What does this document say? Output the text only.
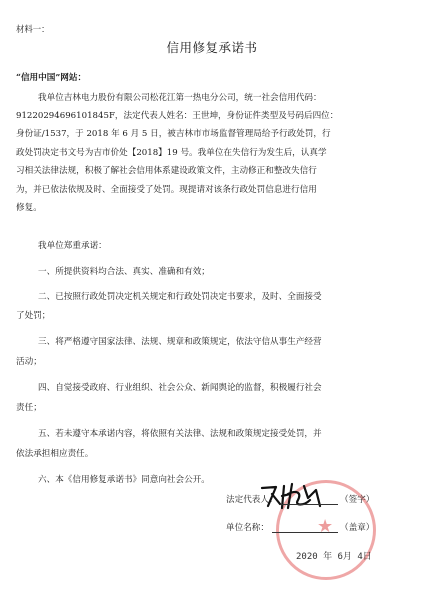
材料一：
信用修复承诺书
“信用中国”网站：
我单位吉林电力股份有限公司松花江第一热电分公司，统一社会信用代码：
91220294696101845F，法定代表人姓名：王世坤，身份证件类型及号码后四位：
身份证/1537，于 2018 年 6 月 5 日，被吉林市市场监督管理局给予行政处罚，行
政处罚决定书文号为吉市价处【2018】19 号。我单位在失信行为发生后，认真学
习相关法律法规，积极了解社会信用体系建设政策文件，主动修正和整改失信行
为，并已依法依规及时、全面接受了处罚。现提请对该条行政处罚信息进行信用
修复。
我单位郑重承诺：
一、所提供资料均合法、真实、准确和有效；
二、已按照行政处罚决定机关规定和行政处罚决定书要求，及时、全面接受
了处罚；
三、将严格遵守国家法律、法规、规章和政策规定，依法守信从事生产经营
活动；
四、自觉接受政府、行业组织、社会公众、新闻舆论的监督，积极履行社会
责任；
五、若未遵守本承诺内容，将依照有关法律、法规和政策规定接受处罚，并
依法承担相应责任。
六、本《信用修复承诺书》同意向社会公开。
★
法定代表人：	（签字）
单位名称：	（盖章）
2020 年 6月 4日
